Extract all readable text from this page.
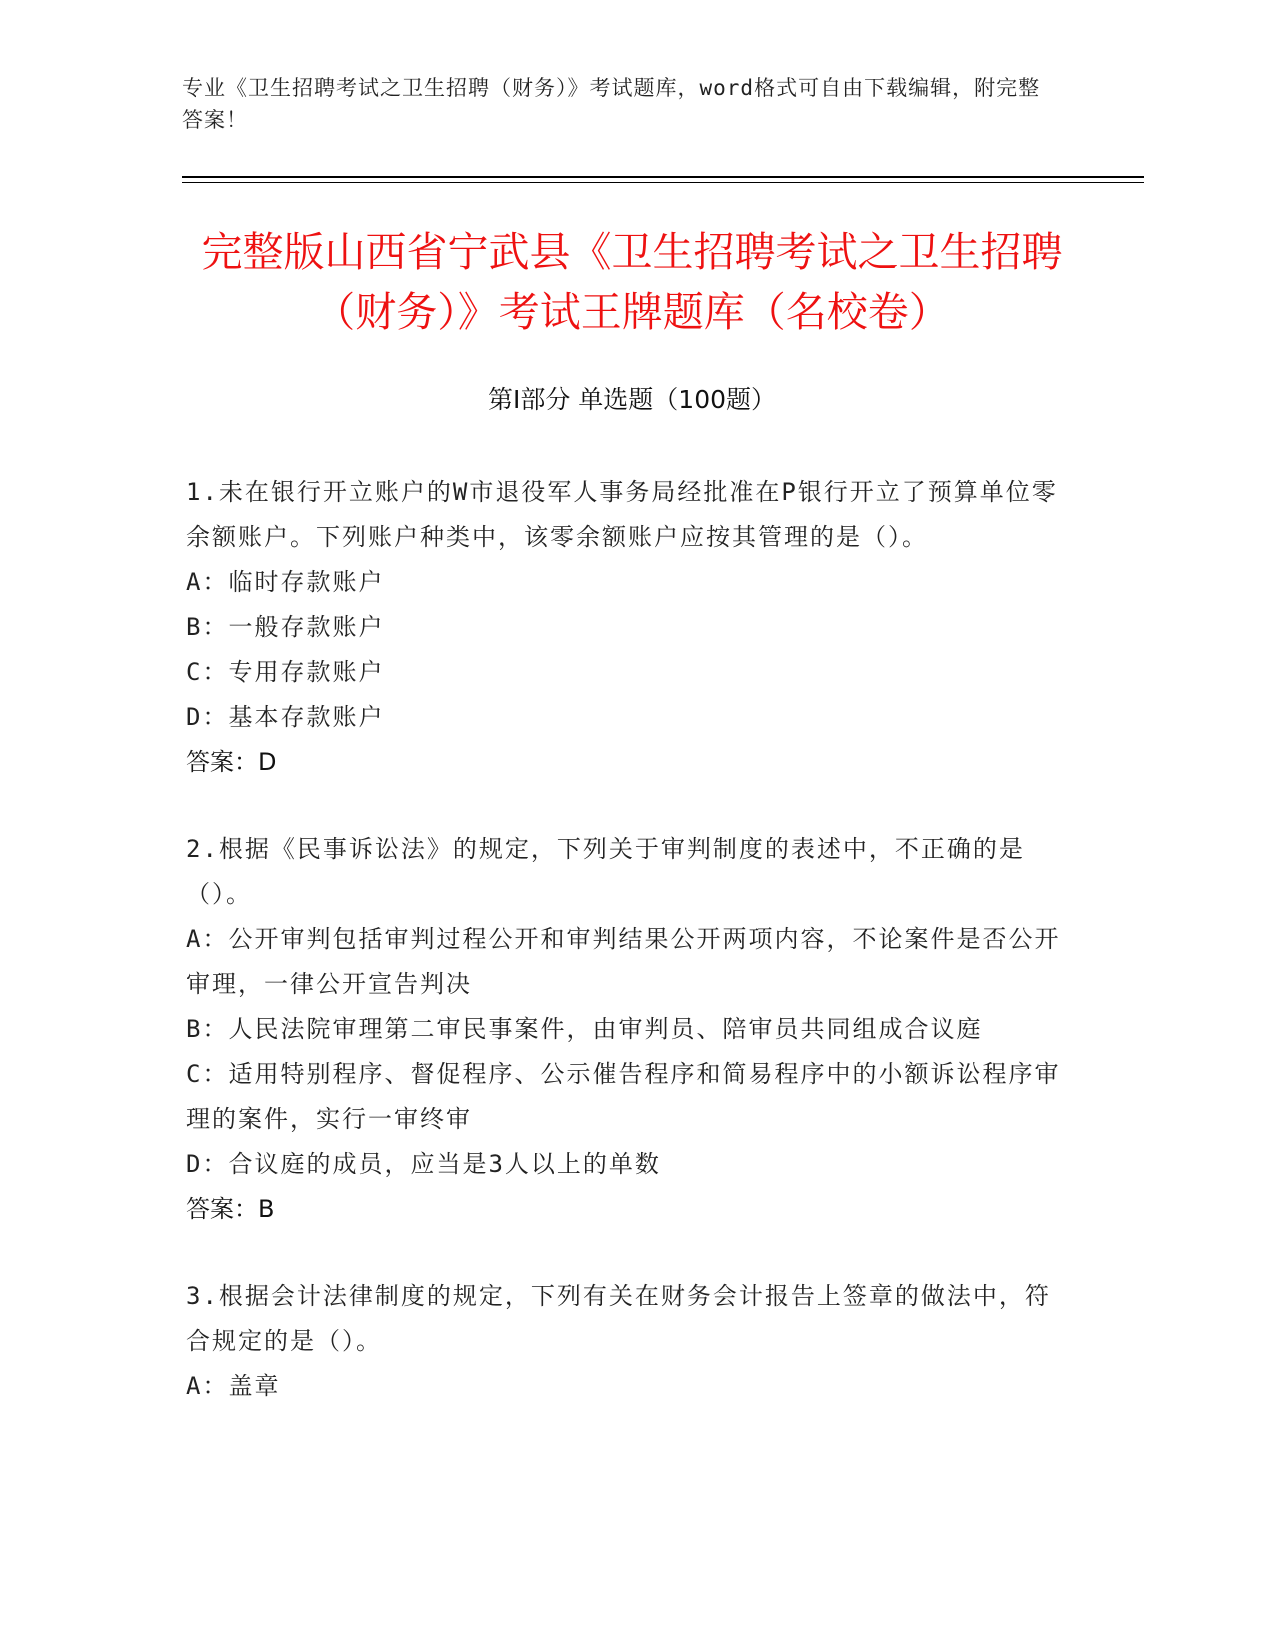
专业《卫生招聘考试之卫生招聘（财务）》考试题库，word格式可自由下载编辑，附完整答案！
完整版山西省宁武县《卫生招聘考试之卫生招聘（财务）》考试王牌题库（名校卷）
第Ⅰ部分 单选题（100题）

1.未在银行开立账户的W市退役军人事务局经批准在P银行开立了预算单位零余额账户。下列账户种类中，该零余额账户应按其管理的是（）。

A：临时存款账户

B：一般存款账户

C：专用存款账户

D：基本存款账户

答案：D

2.根据《民事诉讼法》的规定，下列关于审判制度的表述中，不正确的是（）。

A：公开审判包括审判过程公开和审判结果公开两项内容，不论案件是否公开审理，一律公开宣告判决

B：人民法院审理第二审民事案件，由审判员、陪审员共同组成合议庭

C：适用特别程序、督促程序、公示催告程序和简易程序中的小额诉讼程序审理的案件，实行一审终审

D：合议庭的成员，应当是3人以上的单数

答案：B

3.根据会计法律制度的规定，下列有关在财务会计报告上签章的做法中，符合规定的是（）。

A：盖章
